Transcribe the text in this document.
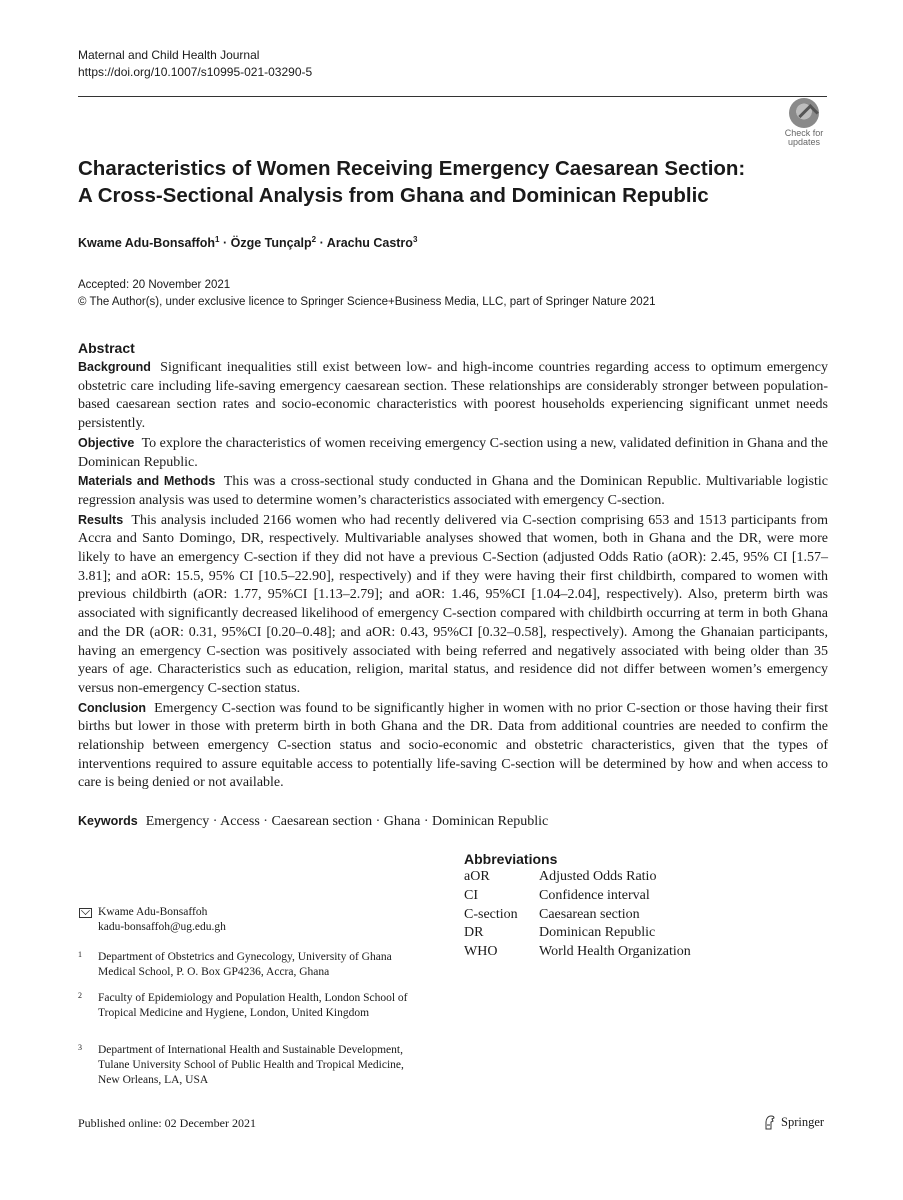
Maternal and Child Health Journal
https://doi.org/10.1007/s10995-021-03290-5
Check for
updates
Characteristics of Women Receiving Emergency Caesarean Section:
A Cross-Sectional Analysis from Ghana and Dominican Republic
Kwame Adu-Bonsaffoh$^1$ · Özge Tunçalp$^2$ · Arachu Castro$^3$
Accepted: 20 November 2021
© The Author(s), under exclusive licence to Springer Science+Business Media, LLC, part of Springer Nature 2021
Abstract

Background Significant inequalities still exist between low- and high-income countries regarding access to optimum emergency obstetric care including life-saving emergency caesarean section. These relationships are considerably stronger between population-based caesarean section rates and socio-economic characteristics with poorest households experiencing significant unmet needs persistently.

Objective To explore the characteristics of women receiving emergency C-section using a new, validated definition in Ghana and the Dominican Republic.

Materials and Methods This was a cross-sectional study conducted in Ghana and the Dominican Republic. Multivariable logistic regression analysis was used to determine women’s characteristics associated with emergency C-section.

Results This analysis included 2166 women who had recently delivered via C-section comprising 653 and 1513 participants from Accra and Santo Domingo, DR, respectively. Multivariable analyses showed that women, both in Ghana and the DR, were more likely to have an emergency C-section if they did not have a previous C-Section (adjusted Odds Ratio (aOR): 2.45, 95% CI [1.57–3.81]; and aOR: 15.5, 95% CI [10.5–22.90], respectively) and if they were having their first childbirth, compared to women with previous childbirth (aOR: 1.77, 95%CI [1.13–2.79]; and aOR: 1.46, 95%CI [1.04–2.04], respectively). Also, preterm birth was associated with significantly decreased likelihood of emergency C-section compared with childbirth occurring at term in both Ghana and the DR (aOR: 0.31, 95%CI [0.20–0.48]; and aOR: 0.43, 95%CI [0.32–0.58], respectively). Among the Ghanaian participants, having an emergency C-section was positively associated with being referred and negatively associated with being older than 35 years of age. Characteristics such as education, religion, marital status, and residence did not differ between women’s emergency versus non-emergency C-section status.

Conclusion Emergency C-section was found to be significantly higher in women with no prior C-section or those having their first births but lower in those with preterm birth in both Ghana and the DR. Data from additional countries are needed to confirm the relationship between emergency C-section status and socio-economic and obstetric characteristics, given that the types of interventions required to assure equitable access to potentially life-saving C-section will be determined by how and when access to care is being denied or not available.

Keywords Emergency · Access · Caesarean section · Ghana · Dominican Republic
Abbreviations
aOR	Adjusted Odds Ratio
CI	Confidence interval
C-section	Caesarean section
DR	Dominican Republic
WHO	World Health Organization
Kwame Adu-Bonsaffoh
kadu-bonsaffoh@ug.edu.gh
1	Department of Obstetrics and Gynecology, University of Ghana Medical School, P. O. Box GP4236, Accra, Ghana
2	Faculty of Epidemiology and Population Health, London School of Tropical Medicine and Hygiene, London, United Kingdom
3	Department of International Health and Sustainable Development, Tulane University School of Public Health and Tropical Medicine, New Orleans, LA, USA
Published online: 02 December 2021	Springer
